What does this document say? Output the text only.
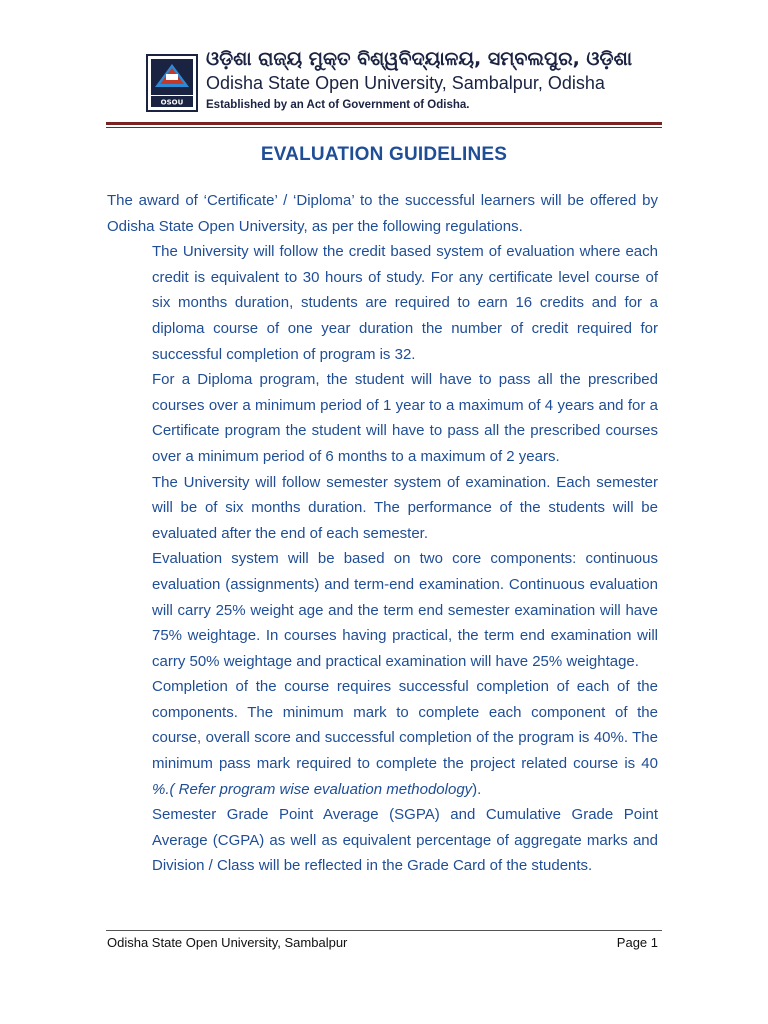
OSOU
ଓଡ଼ିଶା ରାଜ୍ୟ ମୁକ୍ତ ବିଶ୍ୱବିଦ୍ୟାଳୟ, ସମ୍ବଲପୁର, ଓଡ଼ିଶା
Odisha State Open University, Sambalpur, Odisha
Established by an Act of Government of Odisha.
EVALUATION GUIDELINES

The award of ‘Certificate’ / ‘Diploma’ to the successful learners will be offered by Odisha State Open University, as per the following regulations.

The University will follow the credit based system of evaluation where each credit is equivalent to 30 hours of study. For any certificate level course of six months duration, students are required to earn 16 credits and for a diploma course of one year duration the number of credit required for successful completion of program is 32.

For a Diploma program, the student will have to pass all the prescribed courses over a minimum period of 1 year to a maximum of 4 years and for a Certificate program the student will have to pass all the prescribed courses over a minimum period of 6 months to a maximum of 2 years.

The University will follow semester system of examination. Each semester will be of six months duration. The performance of the students will be evaluated after the end of each semester.

Evaluation system will be based on two core components: continuous evaluation (assignments) and term-end examination. Continuous evaluation will carry 25% weight age and the term end semester examination will have 75% weightage. In courses having practical, the term end examination will carry 50% weightage and practical examination will have 25% weightage.

Completion of the course requires successful completion of each of the components. The minimum mark to complete each component of the course, overall score and successful completion of the program is 40%. The minimum pass mark required to complete the project related course is 40 %.( Refer program wise evaluation methodology).

Semester Grade Point Average (SGPA) and Cumulative Grade Point Average (CGPA) as well as equivalent percentage of aggregate marks and Division / Class will be reflected in the Grade Card of the students.

Odisha State Open University, Sambalpur	Page 1
